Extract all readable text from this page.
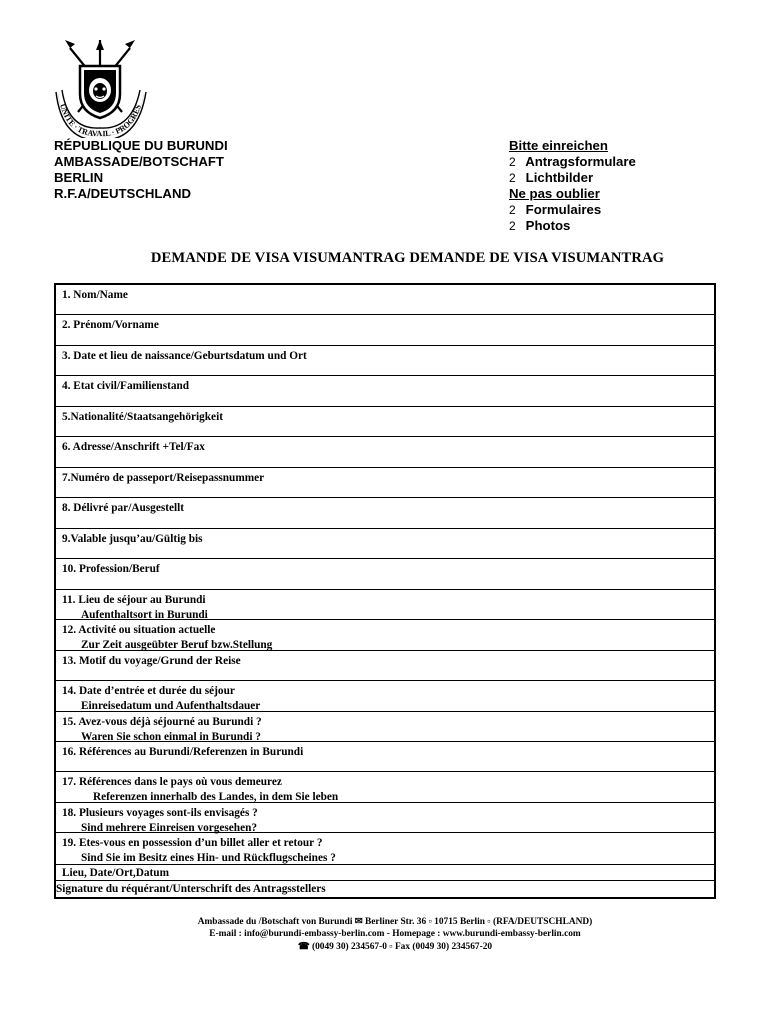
UNITE · TRAVAIL · PROGRES
RÉPUBLIQUE DU BURUNDI
AMBASSADE/BOTSCHAFT
BERLIN
R.F.A/DEUTSCHLAND
Bitte einreichen
2 Antragsformulare
2 Lichtbilder
Ne pas oublier
2 Formulaires
2 Photos
DEMANDE DE VISA VISUMANTRAG DEMANDE DE VISA VISUMANTRAG
1. Nom/Name
2. Prénom/Vorname
3. Date et lieu de naissance/Geburtsdatum und Ort
4. Etat civil/Familienstand
5.Nationalité/Staatsangehörigkeit
6. Adresse/Anschrift +Tel/Fax
7.Numéro de passeport/Reisepassnummer
8. Délivré par/Ausgestellt
9.Valable jusqu’au/Gültig bis
10. Profession/Beruf
11. Lieu de séjour au Burundi
Aufenthaltsort in Burundi
12. Activité ou situation actuelle
Zur Zeit ausgeübter Beruf bzw.Stellung
13. Motif du voyage/Grund der Reise
14. Date d’entrée et durée du séjour
Einreisedatum und Aufenthaltsdauer
15. Avez-vous déjà séjourné au Burundi ?
Waren Sie schon einmal in Burundi ?
16. Références au Burundi/Referenzen in Burundi
17. Références dans le pays où vous demeurez
Referenzen innerhalb des Landes, in dem Sie leben
18. Plusieurs voyages sont-ils envisagés ?
Sind mehrere Einreisen vorgesehen?
19. Etes-vous en possession d’un billet aller et retour ?
Sind Sie im Besitz eines Hin- und Rückflugscheines ?
Lieu, Date/Ort,Datum
Signature du réquérant/Unterschrift des Antragsstellers
Ambassade du /Botschaft von Burundi ✉ Berliner Str. 36 ▫ 10715 Berlin ▫ (RFA/DEUTSCHLAND)
E-mail : info@burundi-embassy-berlin.com - Homepage : www.burundi-embassy-berlin.com
☎ (0049 30) 234567-0 ▫ Fax (0049 30) 234567-20
